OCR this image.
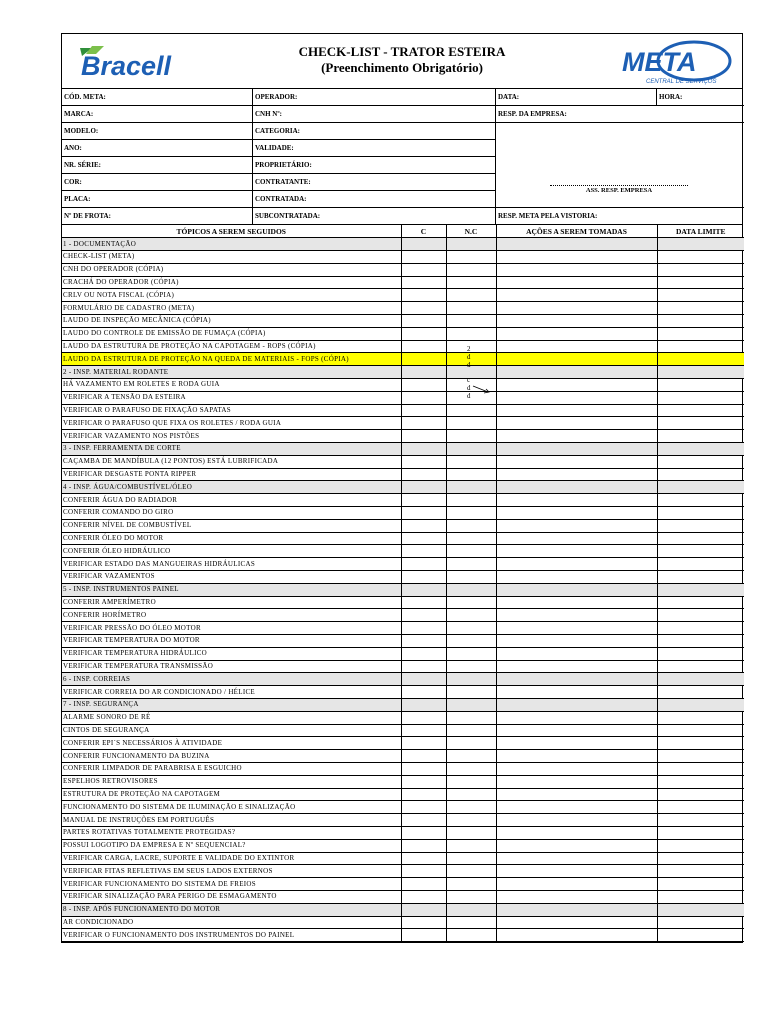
Bracell	CHECK-LIST - TRATOR ESTEIRA
(Preenchimento Obrigatório)	META
CENTRAL DE SERVIÇOS
CÓD. META:	OPERADOR:	DATA:	HORA:
MARCA:	CNH Nº:	RESP. DA EMPRESA:
MODELO:	CATEGORIA:
ANO:	VALIDADE:
NR. SÉRIE:	PROPRIETÁRIO:
COR:	CONTRATANTE:
PLACA:	CONTRATADA:
Nº DE FROTA:	SUBCONTRATADA:	RESP. META PELA VISTORIA:
ASS. RESP. EMPRESA
TÓPICOS A SEREM SEGUIDOS	C	N.C	AÇÕES A SEREM TOMADAS	DATA LIMITE
1 - DOCUMENTAÇÃO				
CHECK-LIST (META)				
CNH DO OPERADOR (CÓPIA)				
CRACHÁ DO OPERADOR (CÓPIA)				
CRLV OU NOTA FISCAL (CÓPIA)				
FORMULÁRIO DE CADASTRO (META)				
LAUDO DE INSPEÇÃO MECÂNICA (CÓPIA)				
LAUDO DO CONTROLE DE EMISSÃO DE FUMAÇA (CÓPIA)				
LAUDO DA ESTRUTURA DE PROTEÇÃO NA CAPOTAGEM - ROPS (CÓPIA)				
LAUDO DA ESTRUTURA DE PROTEÇÃO NA QUEDA DE MATERIAIS - FOPS (CÓPIA)				
2 - INSP. MATERIAL RODANTE				
HÁ VAZAMENTO EM ROLETES E RODA GUIA				
VERIFICAR A TENSÃO DA ESTEIRA				
VERIFICAR O PARAFUSO DE FIXAÇÃO SAPATAS				
VERIFICAR O PARAFUSO QUE FIXA OS ROLETES / RODA GUIA				
VERIFICAR VAZAMENTO NOS PISTÕES				
3 - INSP. FERRAMENTA DE CORTE				
CAÇAMBA DE MANDÍBULA (12 PONTOS) ESTÁ LUBRIFICADA				
VERIFICAR DESGASTE PONTA RIPPER				
4 - INSP. ÁGUA/COMBUSTÍVEL/ÓLEO				
CONFERIR ÁGUA DO RADIADOR				
CONFERIR COMANDO DO GIRO				
CONFERIR NÍVEL DE COMBUSTÍVEL				
CONFERIR ÓLEO DO MOTOR				
CONFERIR ÓLEO HIDRÁULICO				
VERIFICAR ESTADO DAS MANGUEIRAS HIDRÁULICAS				
VERIFICAR VAZAMENTOS				
5 - INSP. INSTRUMENTOS PAINEL				
CONFERIR AMPERÍMETRO				
CONFERIR HORÍMETRO				
VERIFICAR PRESSÃO DO ÓLEO MOTOR				
VERIFICAR TEMPERATURA DO MOTOR				
VERIFICAR TEMPERATURA HIDRÁULICO				
VERIFICAR TEMPERATURA TRANSMISSÃO				
6 - INSP. CORREIAS				
VERIFICAR CORREIA DO AR CONDICIONADO / HÉLICE				
7 - INSP. SEGURANÇA				
ALARME SONORO DE RÉ				
CINTOS DE SEGURANÇA				
CONFERIR EPI´S NECESSÁRIOS À ATIVIDADE				
CONFERIR FUNCIONAMENTO DA BUZINA				
CONFERIR LIMPADOR DE PARABRISA E ESGUICHO				
ESPELHOS RETROVISORES				
ESTRUTURA DE PROTEÇÃO NA CAPOTAGEM				
FUNCIONAMENTO DO SISTEMA DE ILUMINAÇÃO E SINALIZAÇÃO				
MANUAL DE INSTRUÇÕES EM PORTUGUÊS				
PARTES ROTATIVAS TOTALMENTE PROTEGIDAS?				
POSSUI LOGOTIPO DA EMPRESA E Nº SEQUENCIAL?				
VERIFICAR CARGA, LACRE, SUPORTE E VALIDADE DO EXTINTOR				
VERIFICAR FITAS REFLETIVAS EM SEUS LADOS EXTERNOS				
VERIFICAR FUNCIONAMENTO DO SISTEMA DE FREIOS				
VERIFICAR SINALIZAÇÃO PARA PERIGO DE ESMAGAMENTO				
8 - INSP. APÓS FUNCIONAMENTO DO MOTOR				
AR CONDICIONADO				
VERIFICAR O FUNCIONAMENTO DOS INSTRUMENTOS DO PAINEL				
2
d
d
c
d
d
